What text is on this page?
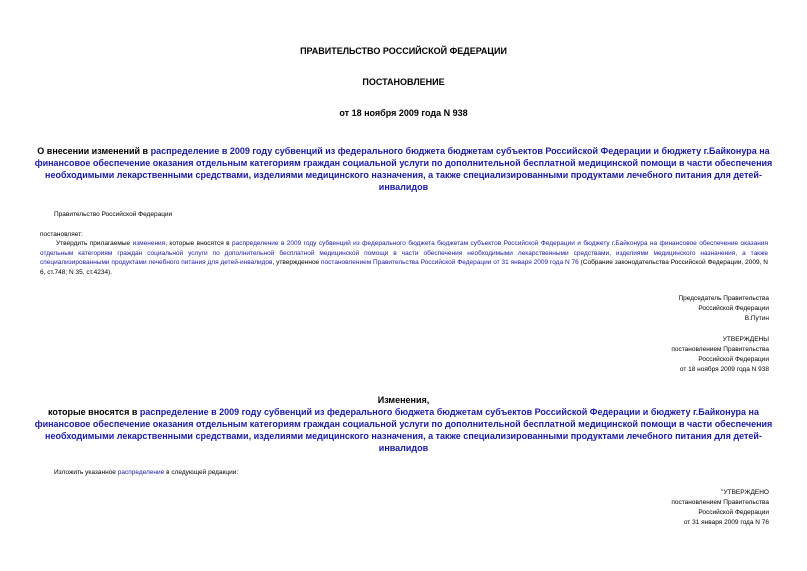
ПРАВИТЕЛЬСТВО РОССИЙСКОЙ ФЕДЕРАЦИИ
ПОСТАНОВЛЕНИЕ
от 18 ноября 2009 года N 938
О внесении изменений в распределение в 2009 году субвенций из федерального бюджета бюджетам субъектов Российской Федерации и бюджету г.Байконура на финансовое обеспечение оказания отдельным категориям граждан социальной услуги по дополнительной бесплатной медицинской помощи в части обеспечения необходимыми лекарственными средствами, изделиями медицинского назначения, а также специализированными продуктами лечебного питания для детей-инвалидов
Правительство Российской Федерации
постановляет:
Утвердить прилагаемые изменения, которые вносятся в распределение в 2009 году субвенций из федерального бюджета бюджетам субъектов Российской Федерации и бюджету г.Байконура на финансовое обеспечение оказания отдельным категориям граждан социальной услуги по дополнительной бесплатной медицинской помощи в части обеспечения необходимыми лекарственными средствами, изделиями медицинского назначения, а также специализированными продуктами лечебного питания для детей-инвалидов, утвержденное постановлением Правительства Российской Федерации от 31 января 2009 года N 76 (Собрание законодательства Российской Федерации, 2009, N 6, ст.748; N 35, ст.4234).
Председатель Правительства
Российской Федерации
В.Путин
УТВЕРЖДЕНЫ
постановлением Правительства
Российской Федерации
от 18 ноября 2009 года N 938
Изменения,
которые вносятся в распределение в 2009 году субвенций из федерального бюджета бюджетам субъектов Российской Федерации и бюджету г.Байконура на финансовое обеспечение оказания отдельным категориям граждан социальной услуги по дополнительной бесплатной медицинской помощи в части обеспечения необходимыми лекарственными средствами, изделиями медицинского назначения, а также специализированными продуктами лечебного питания для детей-инвалидов
Изложить указанное распределение в следующей редакции:
"УТВЕРЖДЕНО
постановлением Правительства
Российской Федерации
от 31 января 2009 года N 76
